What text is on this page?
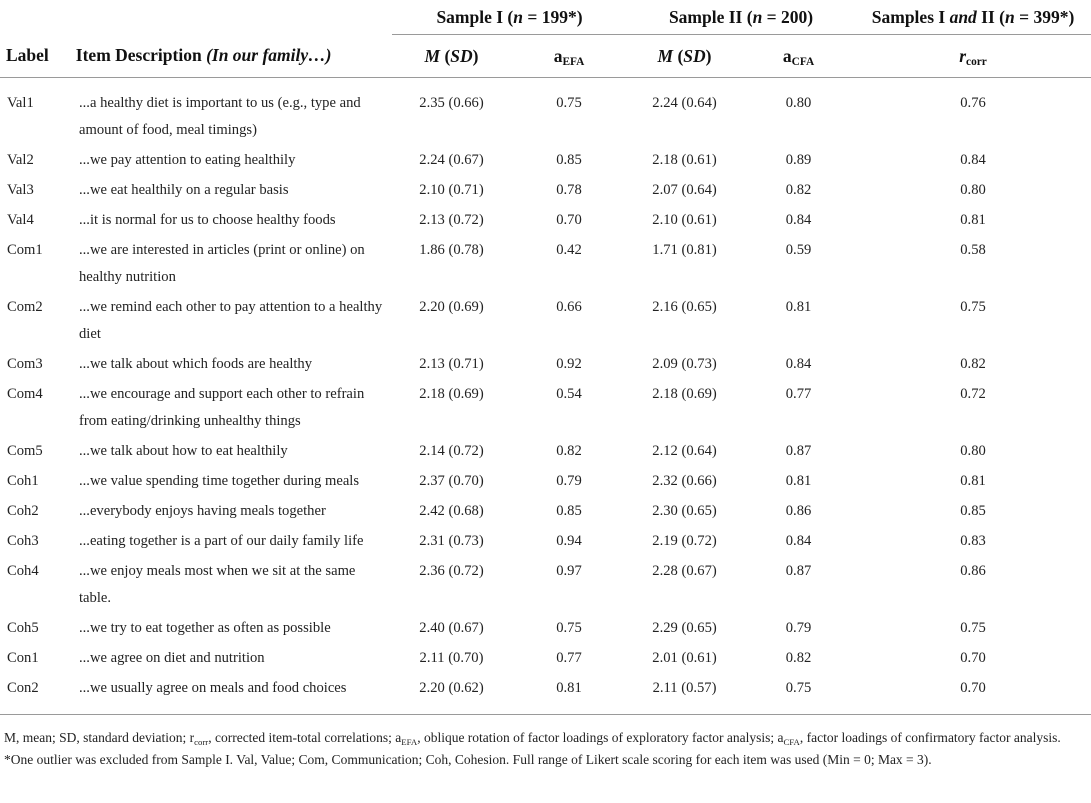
		Sample I (n = 199*)		Sample II (n = 200)		Samples I and II (n = 399*)
Label Item Description (In our family…)	M (SD)	$a_{EFA}$	M (SD)	$a_{CFA}$	$r_{corr}$
Val1	...a healthy diet is important to us (e.g., type and amount of food, meal timings)	2.35 (0.66)	0.75	2.24 (0.64)	0.80	0.76
Val2	...we pay attention to eating healthily	2.24 (0.67)	0.85	2.18 (0.61)	0.89	0.84
Val3	...we eat healthily on a regular basis	2.10 (0.71)	0.78	2.07 (0.64)	0.82	0.80
Val4	...it is normal for us to choose healthy foods	2.13 (0.72)	0.70	2.10 (0.61)	0.84	0.81
Com1	...we are interested in articles (print or online) on healthy nutrition	1.86 (0.78)	0.42	1.71 (0.81)	0.59	0.58
Com2	...we remind each other to pay attention to a healthy diet	2.20 (0.69)	0.66	2.16 (0.65)	0.81	0.75
Com3	...we talk about which foods are healthy	2.13 (0.71)	0.92	2.09 (0.73)	0.84	0.82
Com4	...we encourage and support each other to refrain from eating/drinking unhealthy things	2.18 (0.69)	0.54	2.18 (0.69)	0.77	0.72
Com5	...we talk about how to eat healthily	2.14 (0.72)	0.82	2.12 (0.64)	0.87	0.80
Coh1	...we value spending time together during meals	2.37 (0.70)	0.79	2.32 (0.66)	0.81	0.81
Coh2	...everybody enjoys having meals together	2.42 (0.68)	0.85	2.30 (0.65)	0.86	0.85
Coh3	...eating together is a part of our daily family life	2.31 (0.73)	0.94	2.19 (0.72)	0.84	0.83
Coh4	...we enjoy meals most when we sit at the same table.	2.36 (0.72)	0.97	2.28 (0.67)	0.87	0.86
Coh5	...we try to eat together as often as possible	2.40 (0.67)	0.75	2.29 (0.65)	0.79	0.75
Con1	...we agree on diet and nutrition	2.11 (0.70)	0.77	2.01 (0.61)	0.82	0.70
Con2	...we usually agree on meals and food choices	2.20 (0.62)	0.81	2.11 (0.57)	0.75	0.70
M, mean; SD, standard deviation; $r_{corr}$, corrected item-total correlations; $a_{EFA}$, oblique rotation of factor loadings of exploratory factor analysis; $a_{CFA}$, factor loadings of confirmatory factor analysis. *One outlier was excluded from Sample I. Val, Value; Com, Communication; Coh, Cohesion. Full range of Likert scale scoring for each item was used (Min = 0; Max = 3).					
